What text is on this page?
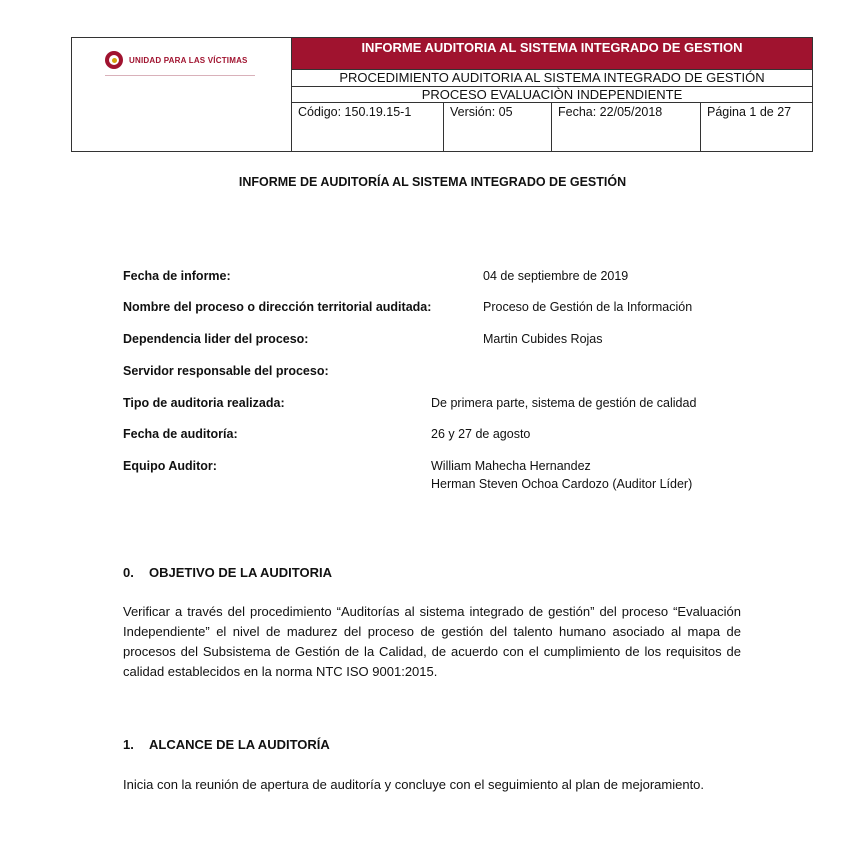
UNIDAD PARA LAS VÍCTIMAS
INFORME AUDITORIA AL SISTEMA INTEGRADO DE GESTION
PROCEDIMIENTO AUDITORIA AL SISTEMA INTEGRADO DE GESTIÓN
PROCESO EVALUACIÒN INDEPENDIENTE
Código: 150.19.15-1	Versión: 05	Fecha: 22/05/2018	Página 1 de 27
INFORME DE AUDITORÍA AL SISTEMA INTEGRADO DE GESTIÓN
Fecha de informe:	04 de septiembre de 2019
Nombre del proceso o dirección territorial auditada:	Proceso de Gestión de la Información
Dependencia lider del proceso:	Martin Cubides Rojas
Servidor responsable del proceso:
Tipo de auditoria realizada:	De primera parte, sistema de gestión de calidad
Fecha de auditoría:	26 y 27 de agosto
Equipo Auditor:	William Mahecha Hernandez
Herman Steven Ochoa Cardozo (Auditor Líder)
0. OBJETIVO DE LA AUDITORIA

Verificar a través del procedimiento “Auditorías al sistema integrado de gestión” del proceso “Evaluación Independiente” el nivel de madurez del proceso de gestión del talento humano asociado al mapa de procesos del Subsistema de Gestión de la Calidad, de acuerdo con el cumplimiento de los requisitos de calidad establecidos en la norma NTC ISO 9001:2015.

1. ALCANCE DE LA AUDITORÍA

Inicia con la reunión de apertura de auditoría y concluye con el seguimiento al plan de mejoramiento.
